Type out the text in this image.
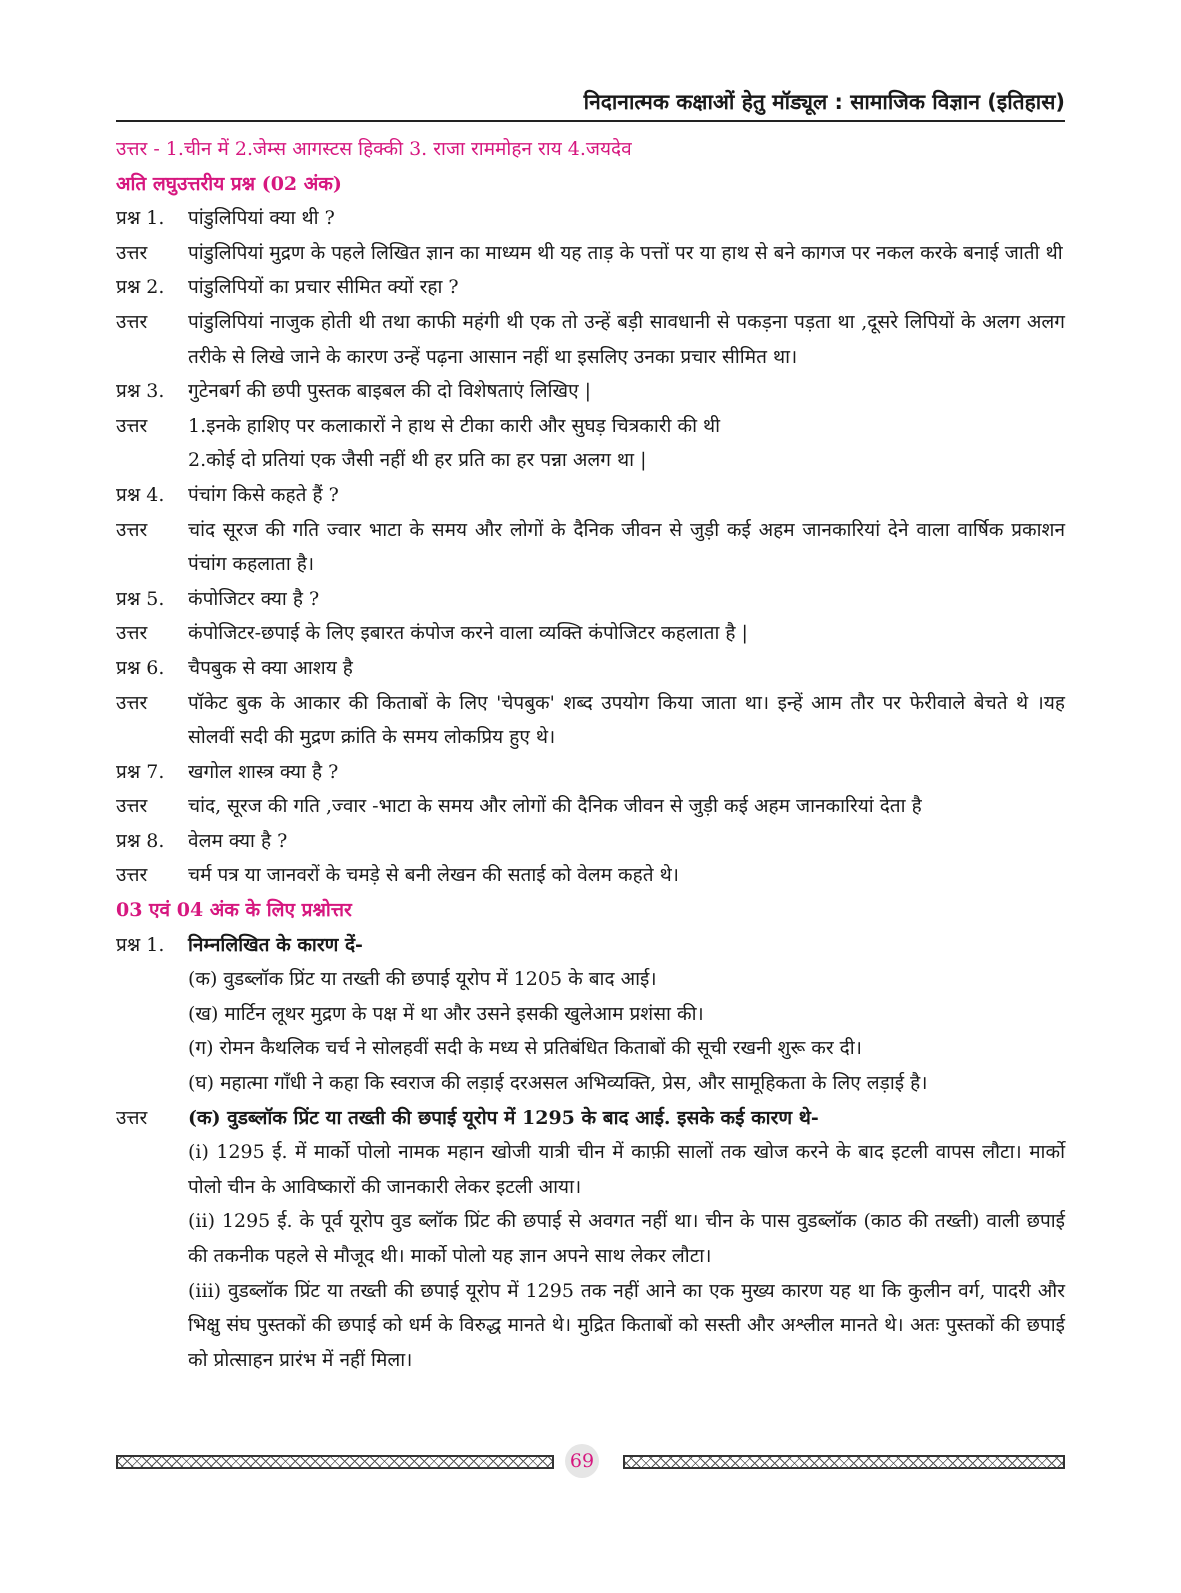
निदानात्मक कक्षाओं हेतु मॉड्यूल : सामाजिक विज्ञान (इतिहास)
उत्तर - 1.चीन में 2.जेम्स आगस्टस हिक्की 3. राजा राममोहन राय 4.जयदेव
अति लघुउत्तरीय प्रश्न (02 अंक)
प्रश्न 1.	पांडुलिपियां क्या थी ?
उत्तर	पांडुलिपियां मुद्रण के पहले लिखित ज्ञान का माध्यम थी यह ताड़ के पत्तों पर या हाथ से बने कागज पर नकल करके बनाई जाती थी
प्रश्न 2.	पांडुलिपियों का प्रचार सीमित क्यों रहा ?
उत्तर	पांडुलिपियां नाजुक होती थी तथा काफी महंगी थी एक तो उन्हें बड़ी सावधानी से पकड़ना पड़ता था ,दूसरे लिपियों के अलग अलग तरीके से लिखे जाने के कारण उन्हें पढ़ना आसान नहीं था इसलिए उनका प्रचार सीमित था।
प्रश्न 3.	गुटेनबर्ग की छपी पुस्तक बाइबल की दो विशेषताएं लिखिए |
उत्तर	1.इनके हाशिए पर कलाकारों ने हाथ से टीका कारी और सुघड़ चित्रकारी की थी
2.कोई दो प्रतियां एक जैसी नहीं थी हर प्रति का हर पन्ना अलग था |
प्रश्न 4.	पंचांग किसे कहते हैं ?
उत्तर	चांद सूरज की गति ज्वार भाटा के समय और लोगों के दैनिक जीवन से जुड़ी कई अहम जानकारियां देने वाला वार्षिक प्रकाशन पंचांग कहलाता है।
प्रश्न 5.	कंपोजिटर क्या है ?
उत्तर	कंपोजिटर-छपाई के लिए इबारत कंपोज करने वाला व्यक्ति कंपोजिटर कहलाता है |
प्रश्न 6.	चैपबुक से क्या आशय है
उत्तर	पॉकेट बुक के आकार की किताबों के लिए 'चेपबुक' शब्द उपयोग किया जाता था। इन्हें आम तौर पर फेरीवाले बेचते थे ।यह सोलवीं सदी की मुद्रण क्रांति के समय लोकप्रिय हुए थे।
प्रश्न 7.	खगोल शास्त्र क्या है ?
उत्तर	चांद, सूरज की गति ,ज्वार -भाटा के समय और लोगों की दैनिक जीवन से जुड़ी कई अहम जानकारियां देता है
प्रश्न 8.	वेलम क्या है ?
उत्तर	चर्म पत्र या जानवरों के चमड़े से बनी लेखन की सताई को वेलम कहते थे।
03 एवं 04 अंक के लिए प्रश्नोत्तर
प्रश्न 1.	निम्नलिखित के कारण दें-
(क) वुडब्लॉक प्रिंट या तख्ती की छपाई यूरोप में 1205 के बाद आई।
(ख) मार्टिन लूथर मुद्रण के पक्ष में था और उसने इसकी खुलेआम प्रशंसा की।
(ग) रोमन कैथलिक चर्च ने सोलहवीं सदी के मध्य से प्रतिबंधित किताबों की सूची रखनी शुरू कर दी।
(घ) महात्मा गाँधी ने कहा कि स्वराज की लड़ाई दरअसल अभिव्यक्ति, प्रेस, और सामूहिकता के लिए लड़ाई है।
उत्तर	(क) वुडब्लॉक प्रिंट या तख्ती की छपाई यूरोप में 1295 के बाद आई. इसके कई कारण थे-
(i) 1295 ई. में मार्को पोलो नामक महान खोजी यात्री चीन में काफ़ी सालों तक खोज करने के बाद इटली वापस लौटा। मार्को पोलो चीन के आविष्कारों की जानकारी लेकर इटली आया।
(ii) 1295 ई. के पूर्व यूरोप वुड ब्लॉक प्रिंट की छपाई से अवगत नहीं था। चीन के पास वुडब्लॉक (काठ की तख्ती) वाली छपाई की तकनीक पहले से मौजूद थी। मार्को पोलो यह ज्ञान अपने साथ लेकर लौटा।
(iii) वुडब्लॉक प्रिंट या तख्ती की छपाई यूरोप में 1295 तक नहीं आने का एक मुख्य कारण यह था कि कुलीन वर्ग, पादरी और भिक्षु संघ पुस्तकों की छपाई को धर्म के विरुद्ध मानते थे। मुद्रित किताबों को सस्ती और अश्लील मानते थे। अतः पुस्तकों की छपाई को प्रोत्साहन प्रारंभ में नहीं मिला।
69
